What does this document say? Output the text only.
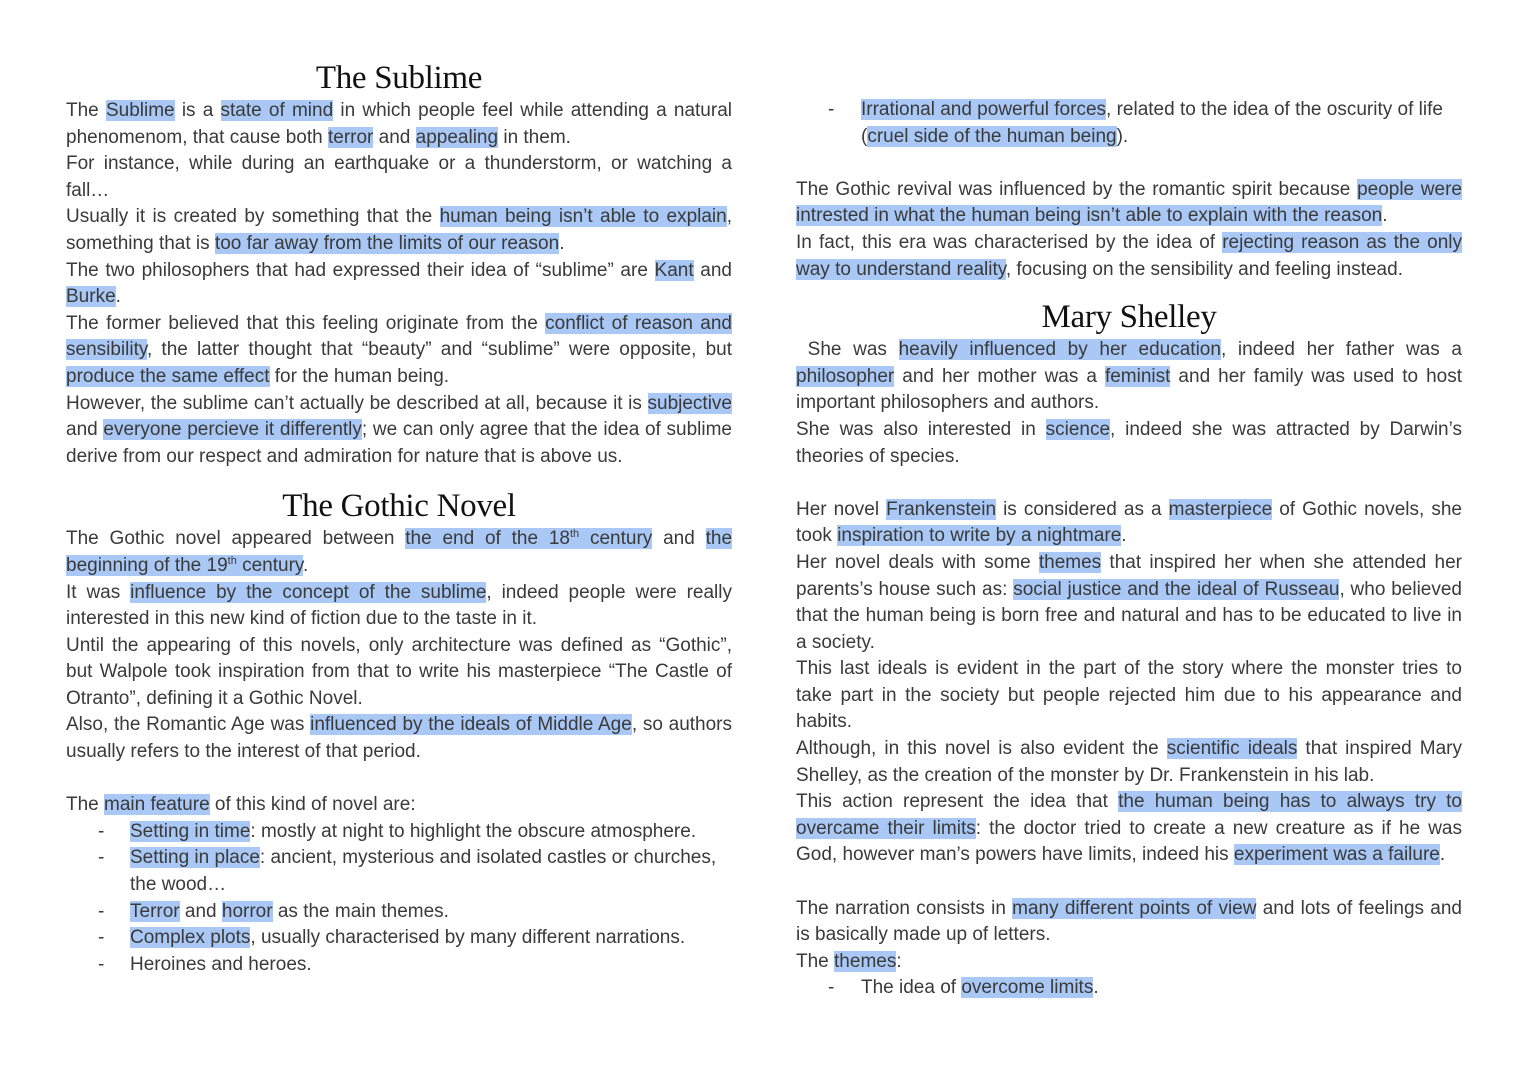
The Sublime

The Sublime is a state of mind in which people feel while attending a natural phenomenom, that cause both terror and appealing in them.

For instance, while during an earthquake or a thunderstorm, or watching a fall…

Usually it is created by something that the human being isn’t able to explain, something that is too far away from the limits of our reason.

The two philosophers that had expressed their idea of “sublime” are Kant and Burke.

The former believed that this feeling originate from the conflict of reason and sensibility, the latter thought that “beauty” and “sublime” were opposite, but produce the same effect for the human being.

However, the sublime can’t actually be described at all, because it is subjective and everyone percieve it differently; we can only agree that the idea of sublime derive from our respect and admiration for nature that is above us.

The Gothic Novel

The Gothic novel appeared between the end of the 18th century and the beginning of the 19th century.

It was influence by the concept of the sublime, indeed people were really interested in this new kind of fiction due to the taste in it.

Until the appearing of this novels, only architecture was defined as “Gothic”, but Walpole took inspiration from that to write his masterpiece “The Castle of Otranto”, defining it a Gothic Novel.

Also, the Romantic Age was influenced by the ideals of Middle Age, so authors usually refers to the interest of that period.

The main feature of this kind of novel are:

- Setting in time: mostly at night to highlight the obscure atmosphere.
- Setting in place: ancient, mysterious and isolated castles or churches, the wood…
- Terror and horror as the main themes.
- Complex plots, usually characterised by many different narrations.
- Heroines and heroes.
- Irrational and powerful forces, related to the idea of the oscurity of life (cruel side of the human being).

The Gothic revival was influenced by the romantic spirit because people were intrested in what the human being isn’t able to explain with the reason.

In fact, this era was characterised by the idea of rejecting reason as the only way to understand reality, focusing on the sensibility and feeling instead.

Mary Shelley

She was heavily influenced by her education, indeed her father was a philosopher and her mother was a feminist and her family was used to host important philosophers and authors.

She was also interested in science, indeed she was attracted by Darwin’s theories of species.

Her novel Frankenstein is considered as a masterpiece of Gothic novels, she took inspiration to write by a nightmare.

Her novel deals with some themes that inspired her when she attended her parents’s house such as: social justice and the ideal of Russeau, who believed that the human being is born free and natural and has to be educated to live in a society.

This last ideals is evident in the part of the story where the monster tries to take part in the society but people rejected him due to his appearance and habits.

Although, in this novel is also evident the scientific ideals that inspired Mary Shelley, as the creation of the monster by Dr. Frankenstein in his lab.

This action represent the idea that the human being has to always try to overcame their limits: the doctor tried to create a new creature as if he was God, however man’s powers have limits, indeed his experiment was a failure.

The narration consists in many different points of view and lots of feelings and is basically made up of letters.

The themes:

- The idea of overcome limits.
